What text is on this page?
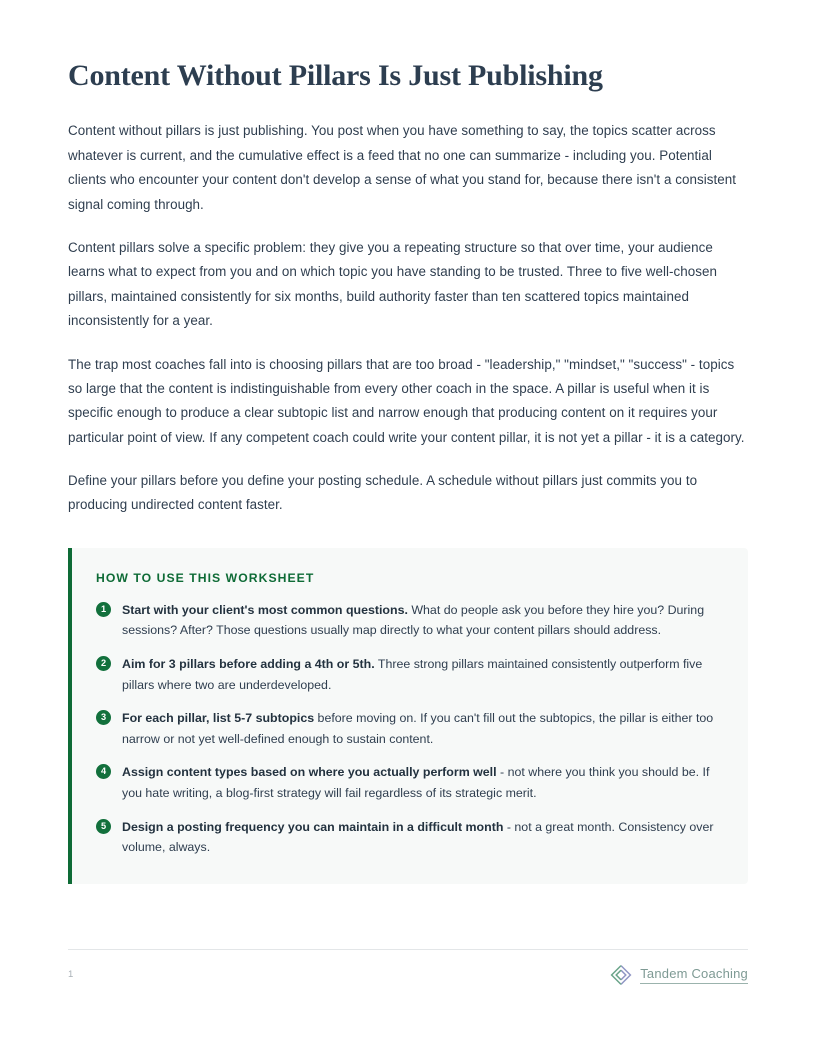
Content Without Pillars Is Just Publishing

Content without pillars is just publishing. You post when you have something to say, the topics scatter across whatever is current, and the cumulative effect is a feed that no one can summarize - including you. Potential clients who encounter your content don't develop a sense of what you stand for, because there isn't a consistent signal coming through.

Content pillars solve a specific problem: they give you a repeating structure so that over time, your audience learns what to expect from you and on which topic you have standing to be trusted. Three to five well-chosen pillars, maintained consistently for six months, build authority faster than ten scattered topics maintained inconsistently for a year.

The trap most coaches fall into is choosing pillars that are too broad - "leadership," "mindset," "success" - topics so large that the content is indistinguishable from every other coach in the space. A pillar is useful when it is specific enough to produce a clear subtopic list and narrow enough that producing content on it requires your particular point of view. If any competent coach could write your content pillar, it is not yet a pillar - it is a category.

Define your pillars before you define your posting schedule. A schedule without pillars just commits you to producing undirected content faster.

HOW TO USE THIS WORKSHEET
1	Start with your client's most common questions. What do people ask you before they hire you? During sessions? After? Those questions usually map directly to what your content pillars should address.
2	Aim for 3 pillars before adding a 4th or 5th. Three strong pillars maintained consistently outperform five pillars where two are underdeveloped.
3	For each pillar, list 5-7 subtopics before moving on. If you can't fill out the subtopics, the pillar is either too narrow or not yet well-defined enough to sustain content.
4	Assign content types based on where you actually perform well - not where you think you should be. If you hate writing, a blog-first strategy will fail regardless of its strategic merit.
5	Design a posting frequency you can maintain in a difficult month - not a great month. Consistency over volume, always.
1	Tandem Coaching
